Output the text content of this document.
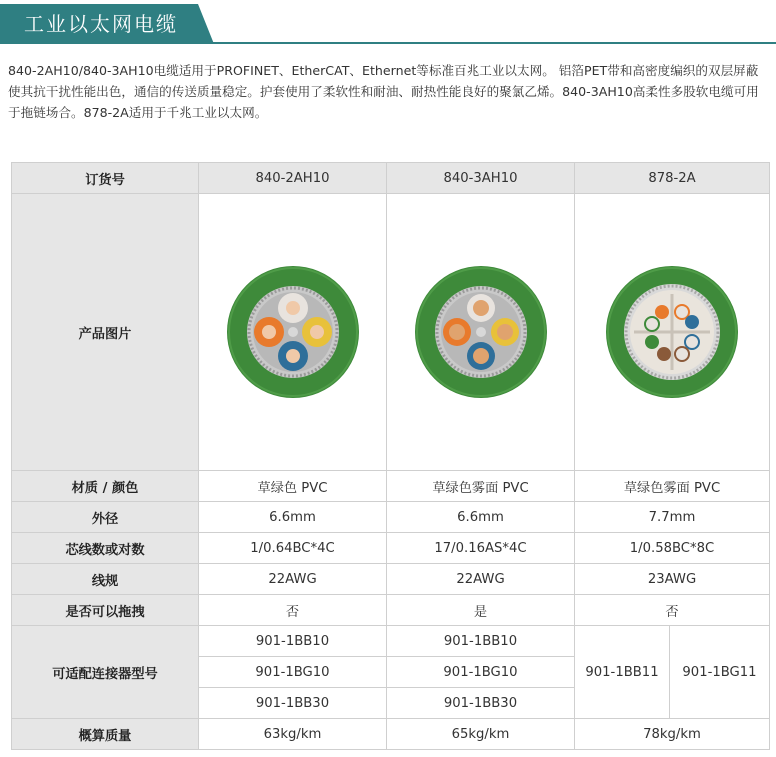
工业以太网电缆
840-2AH10/840-3AH10电缆适用于PROFINET、EtherCAT、Ethernet等标准百兆工业以太网。 铝箔PET带和高密度编织的双层屏蔽使其抗干扰性能出色，通信的传送质量稳定。护套使用了柔软性和耐油、耐热性能良好的聚氯乙烯。840-3AH10高柔性多股软电缆可用于拖链场合。878-2A适用于千兆工业以太网。
订货号	840-2AH10	840-3AH10	878-2A	
产品图片	

材质 / 颜色	草绿色 PVC	草绿色雾面 PVC	草绿色雾面 PVC	
外径	6.6mm	6.6mm	7.7mm	
芯线数或对数	1/0.64BC*4C	17/0.16AS*4C	1/0.58BC*8C	
线规	22AWG	22AWG	23AWG	
是否可以拖拽	否	是	否	
可适配连接器型号	901-1BB10	901-1BB10	901-1BB11	901-1BG11
	901-1BG10	901-1BG10		
	901-1BB30	901-1BB30		
概算质量	63kg/km	65kg/km	78kg/km	
